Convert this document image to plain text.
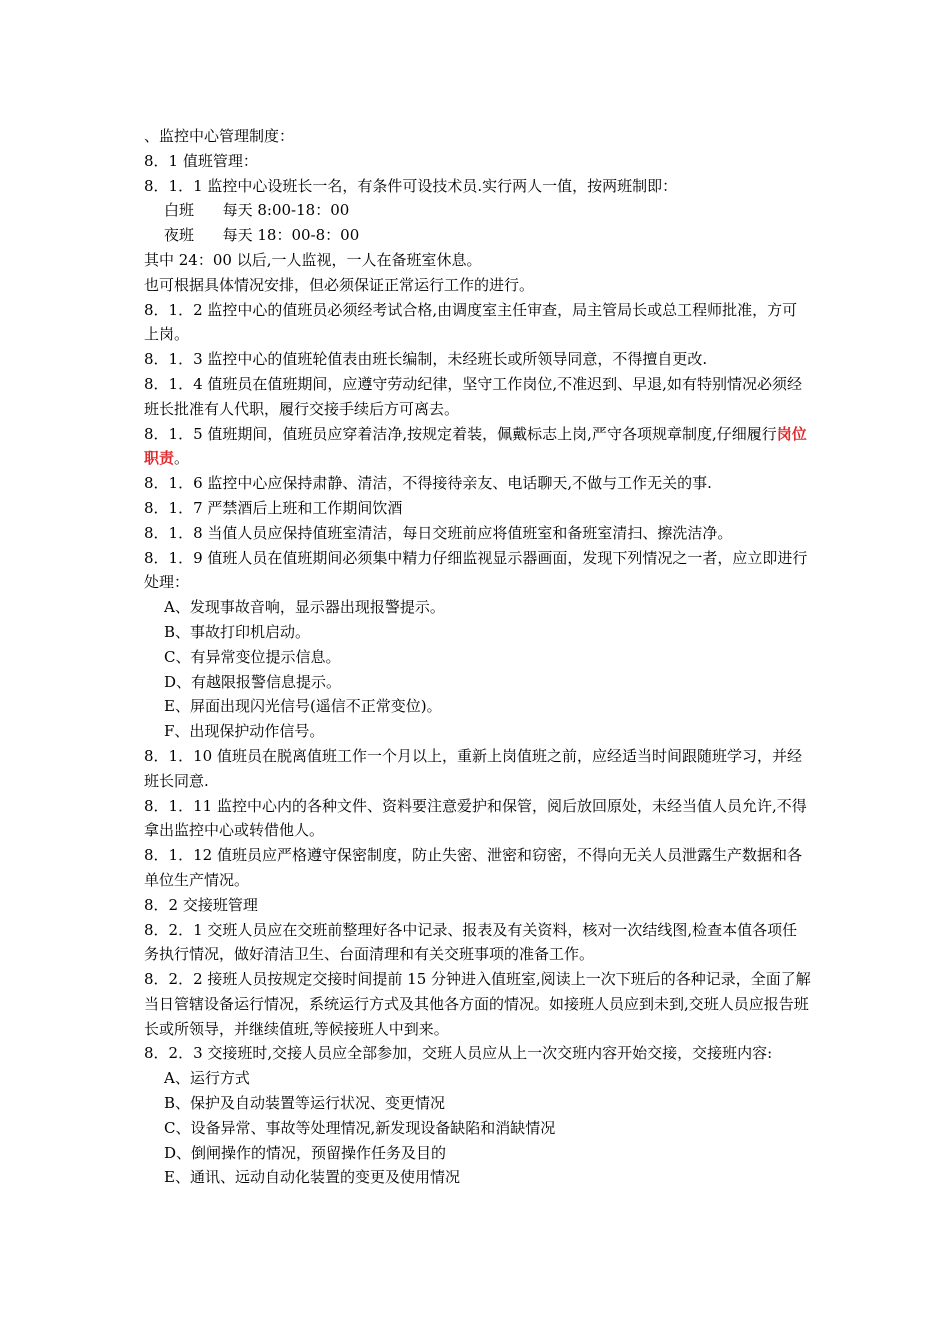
、监控中心管理制度：

8．1 值班管理：

8．1．1 监控中心设班长一名，有条件可设技术员.实行两人一值，按两班制即：

白班      每天 8:00-18：00

夜班      每天 18：00-8：00

其中 24：00 以后,一人监视，一人在备班室休息。

也可根据具体情况安排，但必须保证正常运行工作的进行。

8．1．2 监控中心的值班员必须经考试合格,由调度室主任审查，局主管局长或总工程师批准，方可上岗。

8．1．3 监控中心的值班轮值表由班长编制，未经班长或所领导同意，不得擅自更改.

8．1．4 值班员在值班期间，应遵守劳动纪律，坚守工作岗位,不准迟到、早退,如有特别情况必须经班长批准有人代职，履行交接手续后方可离去。

8．1．5 值班期间，值班员应穿着洁净,按规定着装，佩戴标志上岗,严守各项规章制度,仔细履行岗位职责。

8．1．6 监控中心应保持肃静、清洁，不得接待亲友、电话聊天,不做与工作无关的事.

8．1．7 严禁酒后上班和工作期间饮酒

8．1．8 当值人员应保持值班室清洁，每日交班前应将值班室和备班室清扫、擦洗洁净。

8．1．9 值班人员在值班期间必须集中精力仔细监视显示器画面，发现下列情况之一者，应立即进行处理：

A、发现事故音响，显示器出现报警提示。

B、事故打印机启动。

C、有异常变位提示信息。

D、有越限报警信息提示。

E、屏面出现闪光信号(遥信不正常变位)。

F、出现保护动作信号。

8．1．10 值班员在脱离值班工作一个月以上，重新上岗值班之前，应经适当时间跟随班学习，并经班长同意.

8．1．11 监控中心内的各种文件、资料要注意爱护和保管，阅后放回原处，未经当值人员允许,不得拿出监控中心或转借他人。

8．1．12 值班员应严格遵守保密制度，防止失密、泄密和窃密，不得向无关人员泄露生产数据和各单位生产情况。

8．2 交接班管理

8．2．1 交班人员应在交班前整理好各中记录、报表及有关资料，核对一次结线图,检查本值各项任务执行情况，做好清洁卫生、台面清理和有关交班事项的准备工作。

8．2．2 接班人员按规定交接时间提前 15 分钟进入值班室,阅读上一次下班后的各种记录，全面了解当日管辖设备运行情况，系统运行方式及其他各方面的情况。如接班人员应到未到,交班人员应报告班长或所领导，并继续值班,等候接班人中到来。

8．2．3 交接班时,交接人员应全部参加，交班人员应从上一次交班内容开始交接，交接班内容:

A、运行方式

B、保护及自动装置等运行状况、变更情况

C、设备异常、事故等处理情况,新发现设备缺陷和消缺情况

D、倒闸操作的情况，预留操作任务及目的

E、通讯、远动自动化装置的变更及使用情况
